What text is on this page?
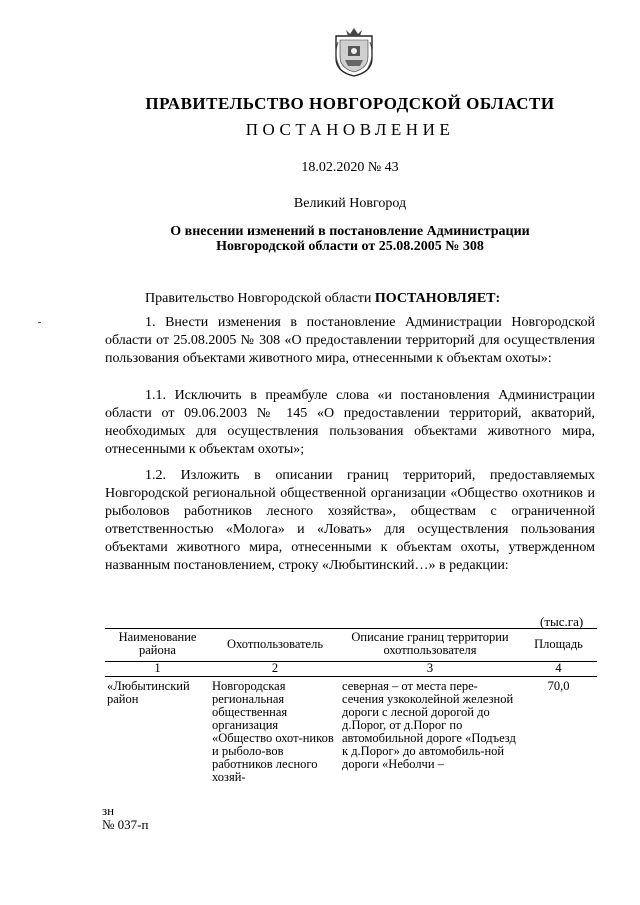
ПРАВИТЕЛЬСТВО НОВГОРОДСКОЙ ОБЛАСТИ
ПОСТАНОВЛЕНИЕ
18.02.2020 № 43
Великий Новгород
О внесении изменений в постановление Администрации
Новгородской области от 25.08.2005 № 308
Правительство Новгородской области ПОСТАНОВЛЯЕТ:
1. Внести изменения в постановление Администрации Новгородской области от 25.08.2005 № 308 «О предоставлении территорий для осуществления пользования объектами животного мира, отнесенными к объектам охоты»:
1.1. Исключить в преамбуле слова «и постановления Администрации области от 09.06.2003 № 145 «О предоставлении территорий, акваторий, необходимых для осуществления пользования объектами животного мира, отнесенными к объектам охоты»;
1.2. Изложить в описании границ территорий, предоставляемых Новгородской региональной общественной организации «Общество охотников и рыболовов работников лесного хозяйства», обществам с ограниченной ответственностью «Молога» и «Ловать» для осуществления пользования объектами животного мира, отнесенными к объектам охоты, утвержденном названным постановлением, строку «Любытинский…» в редакции:
(тыс.га)
Наименование района	Охотпользователь	Описание границ территории охотпользователя	Площадь
1	2	3	4
«Любытинский район	Новгородская региональная общественная организация «Общество охот-ников и рыболо-вов работников лесного хозяй-	северная – от места пере-сечения узкоколейной железной дороги с лесной дорогой до д.Порог, от д.Порог по автомобильной дороге «Подъезд к д.Порог» до автомобиль-ной дороги «Неболчи –	70,0
зн
№ 037-п
